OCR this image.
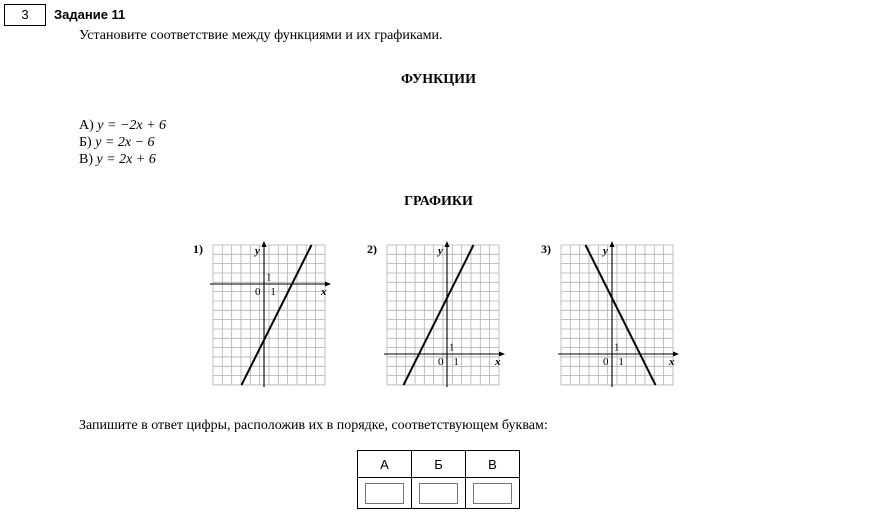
3	Задание 11
Установите соответствие между функциями и их графиками.
ФУНКЦИИ
А) y = −2x + 6
Б) y = 2x − 6
В) y = 2x + 6
ГРАФИКИ
1)
x
y
0 1
1
2)
x
y
0 1
1
3)
x
y
0 1
1
Запишите в ответ цифры, расположив их в порядке, соответствующем буквам:
А	Б	В
